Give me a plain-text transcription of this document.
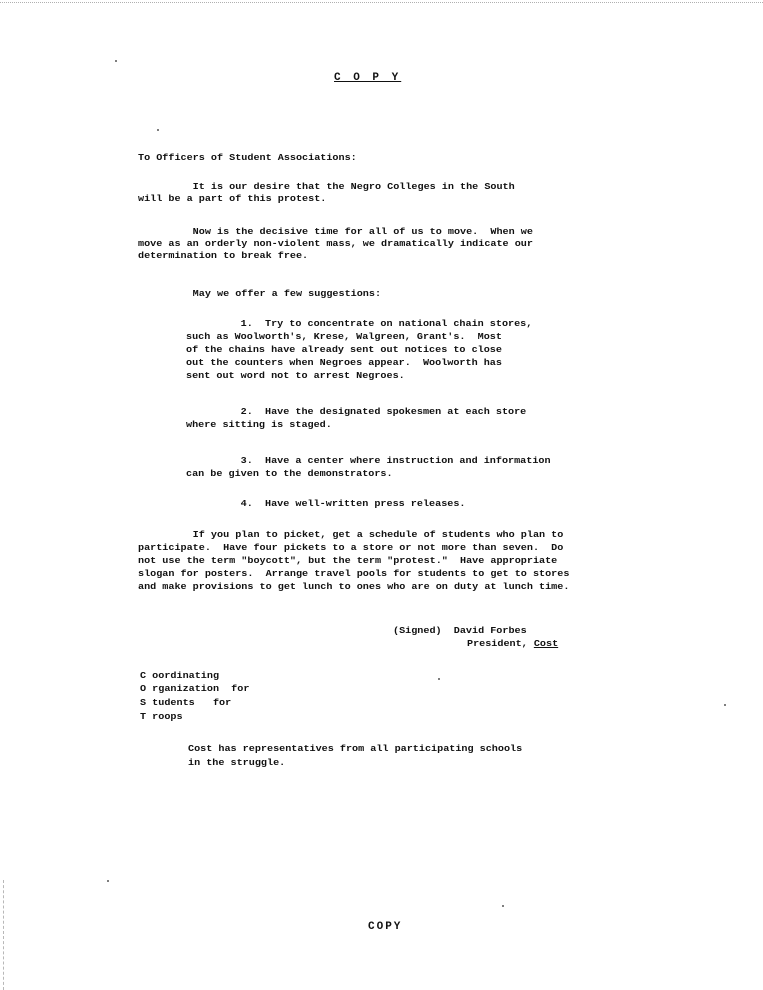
C O P Y

To Officers of Student Associations:

It is our desire that the Negro Colleges in the South

will be a part of this protest.

Now is the decisive time for all of us to move.  When we

move as an orderly non-violent mass, we dramatically indicate our

determination to break free.

May we offer a few suggestions:

1.  Try to concentrate on national chain stores,

such as Woolworth's, Krese, Walgreen, Grant's.  Most

of the chains have already sent out notices to close

out the counters when Negroes appear.  Woolworth has

sent out word not to arrest Negroes.

2.  Have the designated spokesmen at each store

where sitting is staged.

3.  Have a center where instruction and information

can be given to the demonstrators.

4.  Have well-written press releases.

If you plan to picket, get a schedule of students who plan to

participate.  Have four pickets to a store or not more than seven.  Do

not use the term "boycott", but the term "protest."  Have appropriate

slogan for posters.  Arrange travel pools for students to get to stores

and make provisions to get lunch to ones who are on duty at lunch time.

(Signed)  David Forbes

President, Cost

C oordinating

O rganization  for

S tudents   for

T roops

Cost has representatives from all participating schools

in the struggle.

COPY
